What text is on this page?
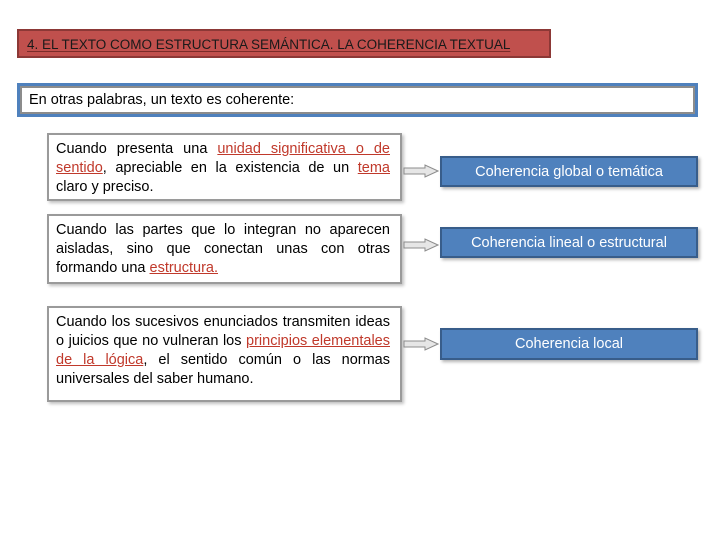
4. EL TEXTO COMO ESTRUCTURA SEMÁNTICA. LA COHERENCIA TEXTUAL
En otras palabras, un texto es coherente:
Cuando presenta una unidad significativa o de sentido, apreciable en la existencia de un tema claro y preciso.
Coherencia global o temática
Cuando las partes que lo integran no aparecen aisladas, sino que conectan unas con otras formando una estructura.
Coherencia lineal o estructural
Cuando los sucesivos enunciados transmiten ideas o juicios que no vulneran los principios elementales de la lógica, el sentido común o las normas universales del saber humano.
Coherencia local
